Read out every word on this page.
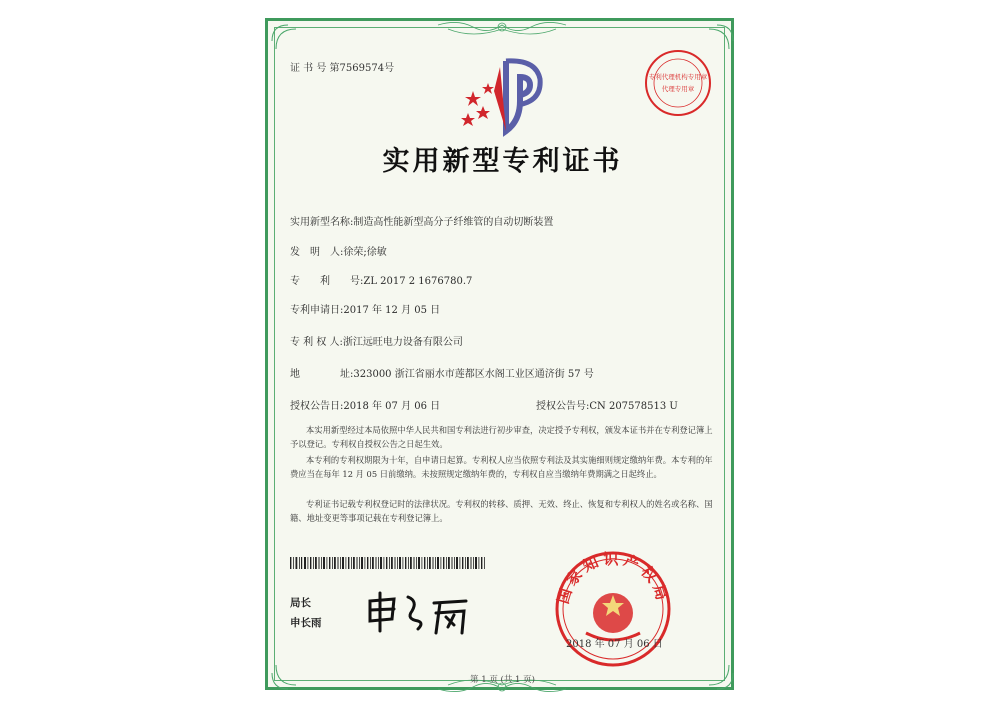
专利代理机构专用章
代理专用章
国家知识产权局
证 书 号 第7569574号
实用新型专利证书
实用新型名称:制造高性能新型高分子纤维管的自动切断装置
发　明　人:徐荣;徐敏
专　　利　　号:ZL 2017 2 1676780.7
专利申请日:2017 年 12 月 05 日
专 利 权 人:浙江远旺电力设备有限公司
地　　　　址:323000 浙江省丽水市莲都区水阁工业区通济街 57 号
授权公告日:2018 年 07 月 06 日	授权公告号:CN 207578513 U
本实用新型经过本局依照中华人民共和国专利法进行初步审查，决定授予专利权，颁发本证书并在专利登记簿上予以登记。专利权自授权公告之日起生效。
本专利的专利权期限为十年，自申请日起算。专利权人应当依照专利法及其实施细则规定缴纳年费。本专利的年费应当在每年 12 月 05 日前缴纳。未按照规定缴纳年费的，专利权自应当缴纳年费期满之日起终止。
专利证书记载专利权登记时的法律状况。专利权的转移、质押、无效、终止、恢复和专利权人的姓名或名称、国籍、地址变更等事项记载在专利登记簿上。
局长
申长雨
2018 年 07 月 06 日
第 1 页 (共 1 页)
